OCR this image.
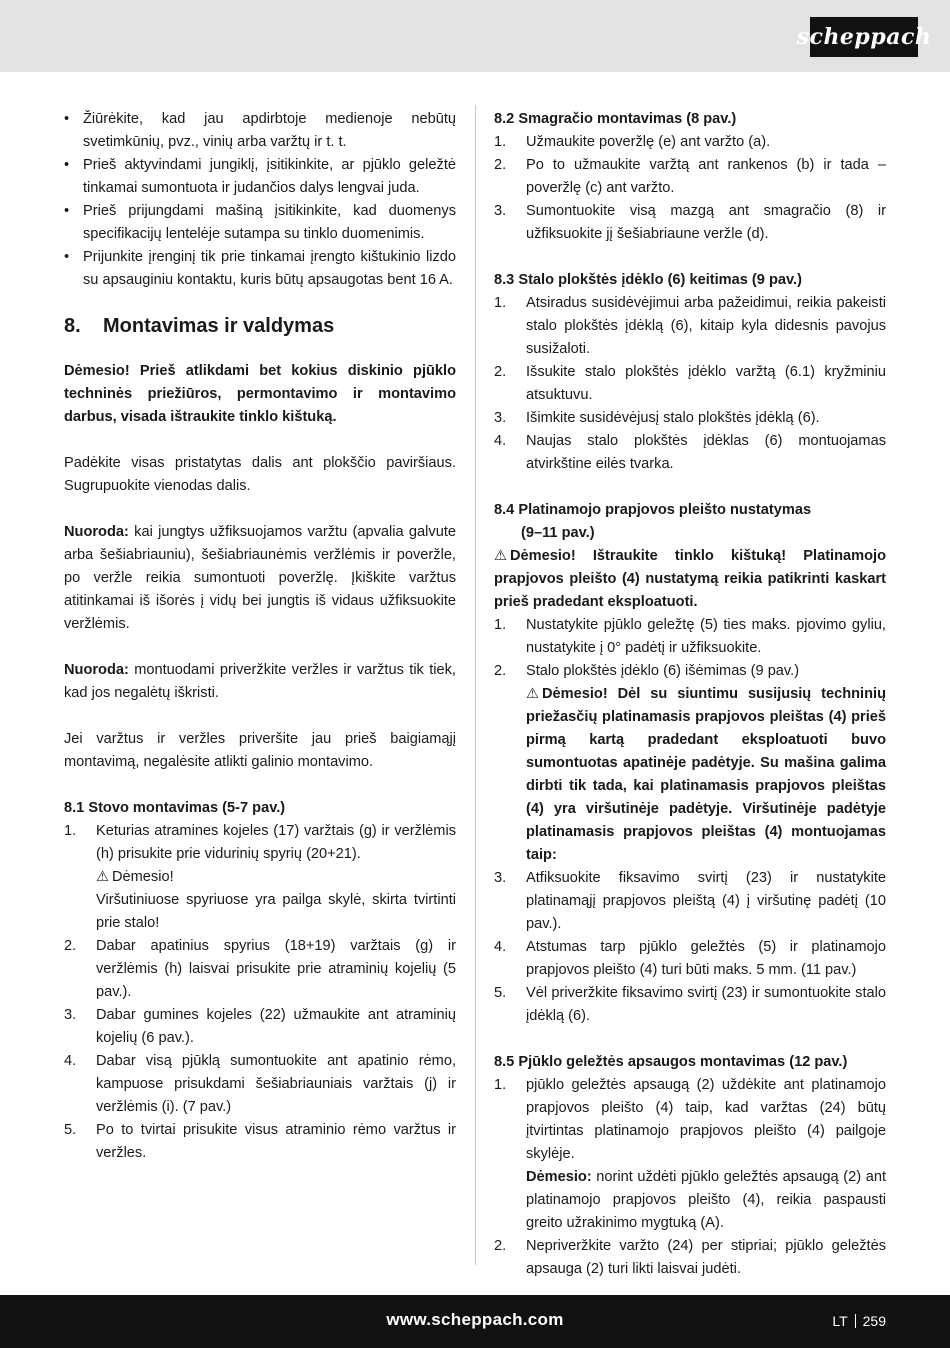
scheppach
• Žiūrėkite, kad jau apdirbtoje medienoje nebūtų svetimkūnių, pvz., vinių arba varžtų ir t. t.
• Prieš aktyvindami jungiklį, įsitikinkite, ar pjūklo geležtė tinkamai sumontuota ir judančios dalys lengvai juda.
• Prieš prijungdami mašiną įsitikinkite, kad duomenys specifikacijų lentelėje sutampa su tinklo duomenimis.
• Prijunkite įrenginį tik prie tinkamai įrengto kištukinio lizdo su apsauginiu kontaktu, kuris būtų apsaugotas bent 16 A.
8.	Montavimas ir valdymas

Dėmesio! Prieš atlikdami bet kokius diskinio pjūklo techninės priežiūros, permontavimo ir montavimo darbus, visada ištraukite tinklo kištuką.

Padėkite visas pristatytas dalis ant plokščio paviršiaus. Sugrupuokite vienodas dalis.

Nuoroda: kai jungtys užfiksuojamos varžtu (apvalia galvute arba šešiabriauniu), šešiabriaunėmis veržlėmis ir poveržle, po veržle reikia sumontuoti poveržlę. Įkiškite varžtus atitinkamai iš išorės į vidų bei jungtis iš vidaus užfiksuokite veržlėmis.

Nuoroda: montuodami priveržkite veržles ir varžtus tik tiek, kad jos negalėtų iškristi.

Jei varžtus ir veržles priveršite jau prieš baigiamąjį montavimą, negalėsite atlikti galinio montavimo.

8.1 Stovo montavimas (5-7 pav.)
1. Keturias atramines kojeles (17) varžtais (g) ir veržlėmis (h) prisukite prie vidurinių spyrių (20+21).
⚠ Dėmesio!
Viršutiniuose spyriuose yra pailga skylė, skirta tvirtinti prie stalo!
2. Dabar apatinius spyrius (18+19) varžtais (g) ir veržlėmis (h) laisvai prisukite prie atraminių kojelių (5 pav.).
3. Dabar gumines kojeles (22) užmaukite ant atraminių kojelių (6 pav.).
4. Dabar visą pjūklą sumontuokite ant apatinio rėmo, kampuose prisukdami šešiabriauniais varžtais (j) ir veržlėmis (i). (7 pav.)
5. Po to tvirtai prisukite visus atraminio rėmo varžtus ir veržles.
8.2 Smagračio montavimas (8 pav.)
1. Užmaukite poveržlę (e) ant varžto (a).
2. Po to užmaukite varžtą ant rankenos (b) ir tada – poveržlę (c) ant varžto.
3. Sumontuokite visą mazgą ant smagračio (8) ir užfiksuokite jį šešiabriaune veržle (d).
8.3 Stalo plokštės įdėklo (6) keitimas (9 pav.)
1. Atsiradus susidėvėjimui arba pažeidimui, reikia pakeisti stalo plokštės įdėklą (6), kitaip kyla didesnis pavojus susižaloti.
2. Išsukite stalo plokštės įdėklo varžtą (6.1) kryžminiu atsuktuvu.
3. Išimkite susidėvėjusį stalo plokštės įdėklą (6).
4. Naujas stalo plokštės įdėklas (6) montuojamas atvirkštine eilės tvarka.
8.4 Platinamojo prapjovos pleišto nustatymas
(9–11 pav.)

⚠ Dėmesio! Ištraukite tinklo kištuką! Platinamojo prapjovos pleišto (4) nustatymą reikia patikrinti kaskart prieš pradedant eksploatuoti.

1. Nustatykite pjūklo geležtę (5) ties maks. pjovimo gyliu, nustatykite į 0° padėtį ir užfiksuokite.
2. Stalo plokštės įdėklo (6) išėmimas (9 pav.)
⚠ Dėmesio! Dėl su siuntimu susijusių techninių priežasčių platinamasis prapjovos pleištas (4) prieš pirmą kartą pradedant eksploatuoti buvo sumontuotas apatinėje padėtyje. Su mašina galima dirbti tik tada, kai platinamasis prapjovos pleištas (4) yra viršutinėje padėtyje. Viršutinėje padėtyje platinamasis prapjovos pleištas (4) montuojamas taip:
3. Atfiksuokite fiksavimo svirtį (23) ir nustatykite platinamąjį prapjovos pleištą (4) į viršutinę padėtį (10 pav.).
4. Atstumas tarp pjūklo geležtės (5) ir platinamojo prapjovos pleišto (4) turi būti maks. 5 mm. (11 pav.)
5. Vėl priveržkite fiksavimo svirtį (23) ir sumontuokite stalo įdėklą (6).
8.5 Pjūklo geležtės apsaugos montavimas (12 pav.)
1. pjūklo geležtės apsaugą (2) uždėkite ant platinamojo prapjovos pleišto (4) taip, kad varžtas (24) būtų įtvirtintas platinamojo prapjovos pleišto (4) pailgoje skylėje.
Dėmesio: norint uždėti pjūklo geležtės apsaugą (2) ant platinamojo prapjovos pleišto (4), reikia paspausti greito užrakinimo mygtuką (A).
2. Nepriveržkite varžto (24) per stipriai; pjūklo geležtės apsauga (2) turi likti laisvai judėti.
www.scheppach.com	LT 259
